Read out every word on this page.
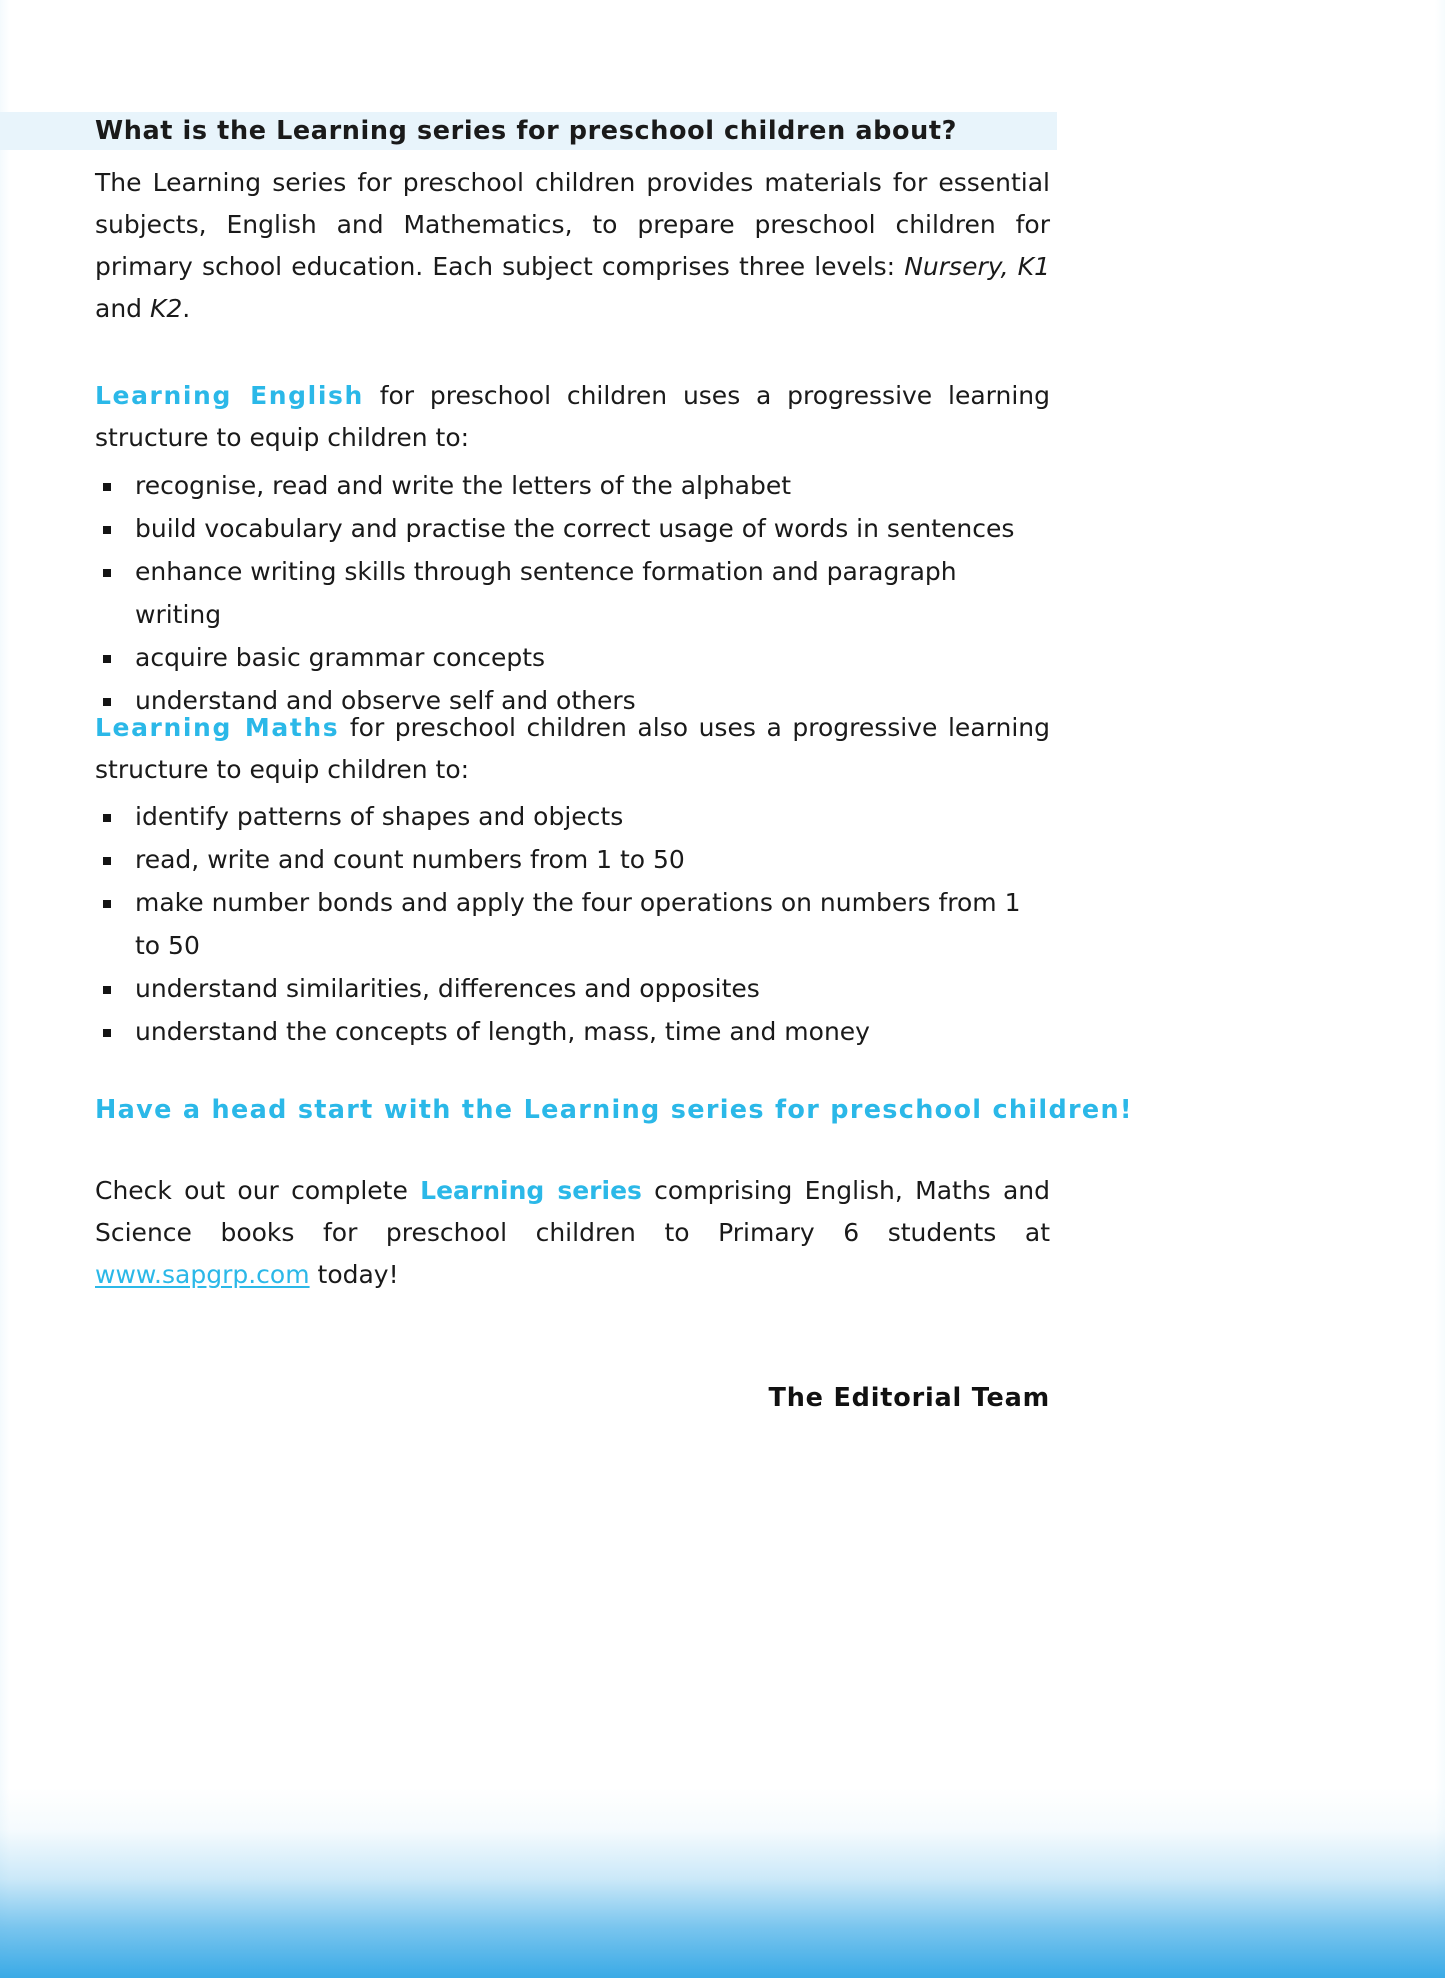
What is the Learning series for preschool children about?

The Learning series for preschool children provides materials for essential subjects, English and Mathematics, to prepare preschool children for primary school education. Each subject comprises three levels: Nursery, K1 and K2.

Learning English for preschool children uses a progressive learning structure to equip children to:

recognise, read and write the letters of the alphabet
build vocabulary and practise the correct usage of words in sentences
enhance writing skills through sentence formation and paragraph writing
acquire basic grammar concepts
understand and observe self and others

Learning Maths for preschool children also uses a progressive learning structure to equip children to:

identify patterns of shapes and objects
read, write and count numbers from 1 to 50
make number bonds and apply the four operations on numbers from 1 to 50
understand similarities, differences and opposites
understand the concepts of length, mass, time and money
Have a head start with the Learning series for preschool children!

Check out our complete Learning series comprising English, Maths and Science books for preschool children to Primary 6 students at www.sapgrp.com today!

The Editorial Team
